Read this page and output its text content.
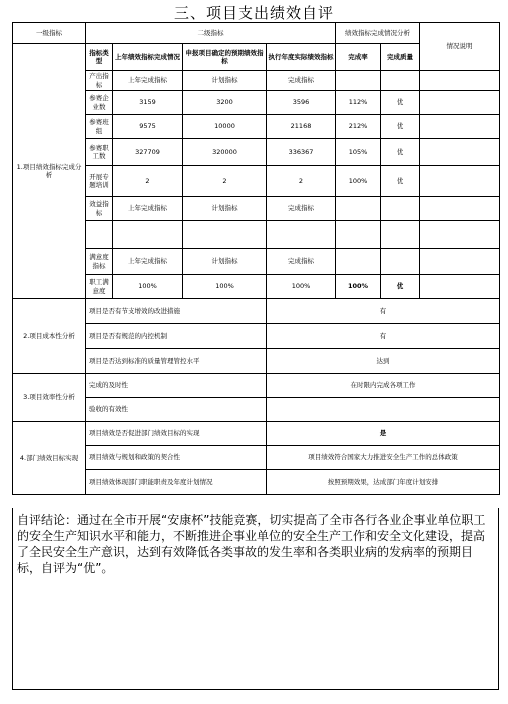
三、项目支出绩效自评
一级指标	二级指标				绩效指标完成情况分析		情况说明
1.项目绩效指标完成分析	指标类型	上年绩效指标完成情况	申报项目确定的预期绩效指标	执行年度实际绩效指标	完成率	完成质量	
	产出指标	上年完成指标	计划指标	完成指标			
	参赛企业数	3159	3200	3596	112%	优	
	参赛班组	9575	10000	21168	212%	优	
	参赛职工数	327709	320000	336367	105%	优	
	开展专题培训	2	2	2	100%	优	
	效益指标	上年完成指标	计划指标	完成指标			

	满意度指标	上年完成指标	计划指标	完成指标			
	职工满意度	100%	100%	100%	100%	优	
2.项目成本性分析	项目是否有节支增效的改进措施			有			
	项目是否有规范的内控机制			有			
	项目是否达到标准的质量管理管控水平			达到			
3.项目效率性分析	完成的及时性			在时限内完成各项工作			
	验收的有效性						
4.部门绩效目标实现	项目绩效是否促进部门绩效目标的实现			是			
	项目绩效与规划和政策的契合性			项目绩效符合国家大力推进安全生产工作的总体政策			
	项目绩效体现部门职能职责及年度计划情况			按照预期效果，达成部门年度计划安排			
自评结论：通过在全市开展“安康杯”技能竞赛，切实提高了全市各行各业企事业单位职工的安全生产知识水平和能力，不断推进企事业单位的安全生产工作和安全文化建设，提高了全民安全生产意识，达到有效降低各类事故的发生率和各类职业病的发病率的预期目标，自评为“优”。
